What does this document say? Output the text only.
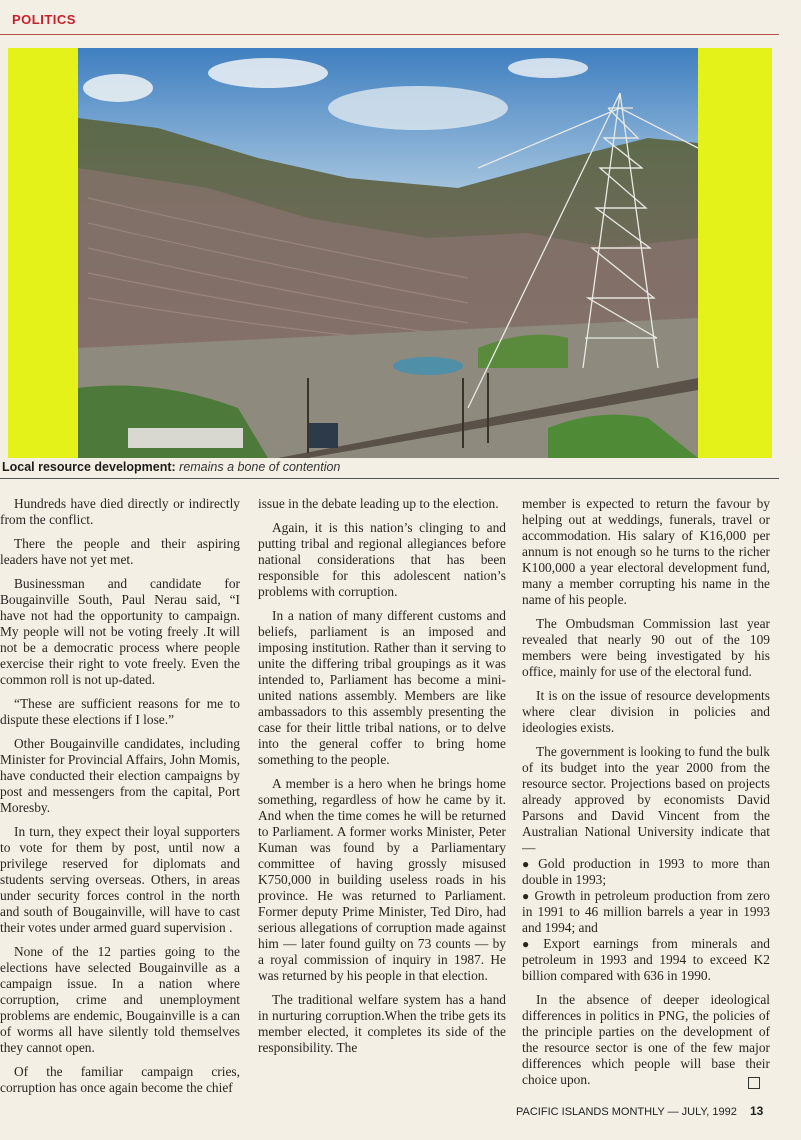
POLITICS
Local resource development: remains a bone of contention

Hundreds have died directly or indirectly from the conflict.

There the people and their aspiring leaders have not yet met.

Businessman and candidate for Bougainville South, Paul Nerau said, “I have not had the opportunity to campaign. My people will not be voting freely .It will not be a democratic process where people exercise their right to vote freely. Even the common roll is not up-dated.

“These are sufficient reasons for me to dispute these elections if I lose.”

Other Bougainville candidates, including Minister for Provincial Affairs, John Momis, have conducted their election campaigns by post and messengers from the capital, Port Moresby.

In turn, they expect their loyal supporters to vote for them by post, until now a privilege reserved for diplomats and students serving overseas. Others, in areas under security forces control in the north and south of Bougainville, will have to cast their votes under armed guard supervision .

None of the 12 parties going to the elections have selected Bougainville as a campaign issue. In a nation where corruption, crime and unemployment problems are endemic, Bougainville is a can of worms all have silently told themselves they cannot open.

Of the familiar campaign cries, corruption has once again become the chief

issue in the debate leading up to the election.

Again, it is this nation’s clinging to and putting tribal and regional allegiances before national considerations that has been responsible for this adolescent nation’s problems with corruption.

In a nation of many different customs and beliefs, parliament is an imposed and imposing institution. Rather than it serving to unite the differing tribal groupings as it was intended to, Parliament has become a mini-united nations assembly. Members are like ambassadors to this assembly presenting the case for their little tribal nations, or to delve into the general coffer to bring home something to the people.

A member is a hero when he brings home something, regardless of how he came by it. And when the time comes he will be returned to Parliament. A former works Minister, Peter Kuman was found by a Parliamentary committee of having grossly misused K750,000 in building useless roads in his province. He was returned to Parliament. Former deputy Prime Minister, Ted Diro, had serious allegations of corruption made against him — later found guilty on 73 counts — by a royal commission of inquiry in 1987. He was returned by his people in that election.

The traditional welfare system has a hand in nurturing corruption.When the tribe gets its member elected, it completes its side of the responsibility. The

member is expected to return the favour by helping out at weddings, funerals, travel or accommodation. His salary of K16,000 per annum is not enough so he turns to the richer K100,000 a year electoral development fund, many a member corrupting his name in the name of his people.

The Ombudsman Commission last year revealed that nearly 90 out of the 109 members were being investigated by his office, mainly for use of the electoral fund.

It is on the issue of resource developments where clear division in policies and ideologies exists.

The government is looking to fund the bulk of its budget into the year 2000 from the resource sector. Projections based on projects already approved by economists David Parsons and David Vincent from the Australian National University indicate that —

● Gold production in 1993 to more than double in 1993;

● Growth in petroleum production from zero in 1991 to 46 million barrels a year in 1993 and 1994; and

● Export earnings from minerals and petroleum in 1993 and 1994 to exceed K2 billion compared with 636 in 1990.

In the absence of deeper ideological differences in politics in PNG, the policies of the principle parties on the development of the resource sector is one of the few major differences which people will base their choice upon.

PACIFIC ISLANDS MONTHLY — JULY, 1992 13
